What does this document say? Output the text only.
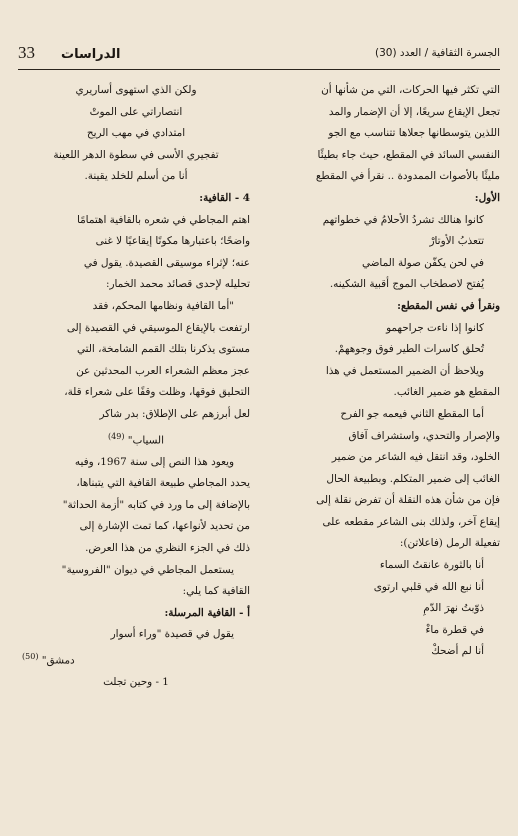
33 الدراسات	الجسرة الثقافية / العدد (30)

التي تكثر فيها الحركات، التي من شأنها أن

تجعل الإيقاع سريعًا، إلا أن الإضمار والمد

اللذين يتوسطانها جعلاها تتناسب مع الجو

النفسي السائد في المقطع، حيث جاء بطيئًا

مليئًا بالأصوات الممدودة .. نقرأ في المقطع

الأول:

كانوا هنالك تشردُ الأحلامُ في خطواتهم

تتعذبُ الأوتارْ

في لحن يكفّن صولة الماضي

يُفتح لاصطخاب الموج أقبية الشكينه.

ونقرأ في نفس المقطع:

كانوا إذا ناءت جراحهمو

تُحلق كاسرات الطير فوق وجوههمْ.

ويلاحظ أن الضمير المستعمل في هذا

المقطع هو ضمير الغائب.

أما المقطع الثاني فيعمه جو الفرح

والإصرار والتحدي، واستشراف آفاق

الخلود، وقد انتقل فيه الشاعر من ضمير

الغائب إلى ضمير المتكلم. وبطبيعة الحال

فإن من شأن هذه النقلة أن تفرض نقلة إلى

إيقاع آخر، ولذلك بنى الشاعر مقطعه على

تفعيلة الرمل (فاعلاتن):

أنا بالثورة عانقتُ السماء

أنا نبع الله في قلبي ارتوى

ذوّبتُ نهرَ الدّمِ

في قطرة ماءْ

أنا لم أضحكْ

ولكن الذي استهوى أساريري

انتصاراتي على الموتْ

امتدادي في مهب الريح

تفجيري الأسى في سطوة الدهر اللعينة

أنا من أسلم للخلد يقينة.

4 - القافية:

اهتم المجاطي في شعره بالقافية اهتمامًا

واضحًا؛ باعتبارها مكونًا إيقاعيًا لا غنى

عنه؛ لإثراء موسيقى القصيدة. يقول في

تحليله لإحدى قصائد محمد الخمار:

"أما القافية ونظامها المحكم، فقد

ارتفعت بالإيقاع الموسيقي في القصيدة إلى

مستوى يذكرنا بتلك القمم الشامخة، التي

عجز معظم الشعراء العرب المحدثين عن

التحليق فوقها، وظلت وقفًا على شعراء قلة،

لعل أبرزهم على الإطلاق: بدر شاكر

السياب" $^{(49)}$

ويعود هذا النص إلى سنة 1967، وفيه

يحدد المجاطي طبيعة القافية التي يتبناها،

بالإضافة إلى ما ورد في كتابه "أزمة الحداثة"

من تحديد لأنواعها، كما تمت الإشارة إلى

ذلك في الجزء النظري من هذا العرض.

يستعمل المجاطي في ديوان "الفروسية"

القافية كما يلي:

أ - القافية المرسلة:

يقول في قصيدة "وراء أسوار

دمشق" $^{(50)}$

1 - وحين تجلت
